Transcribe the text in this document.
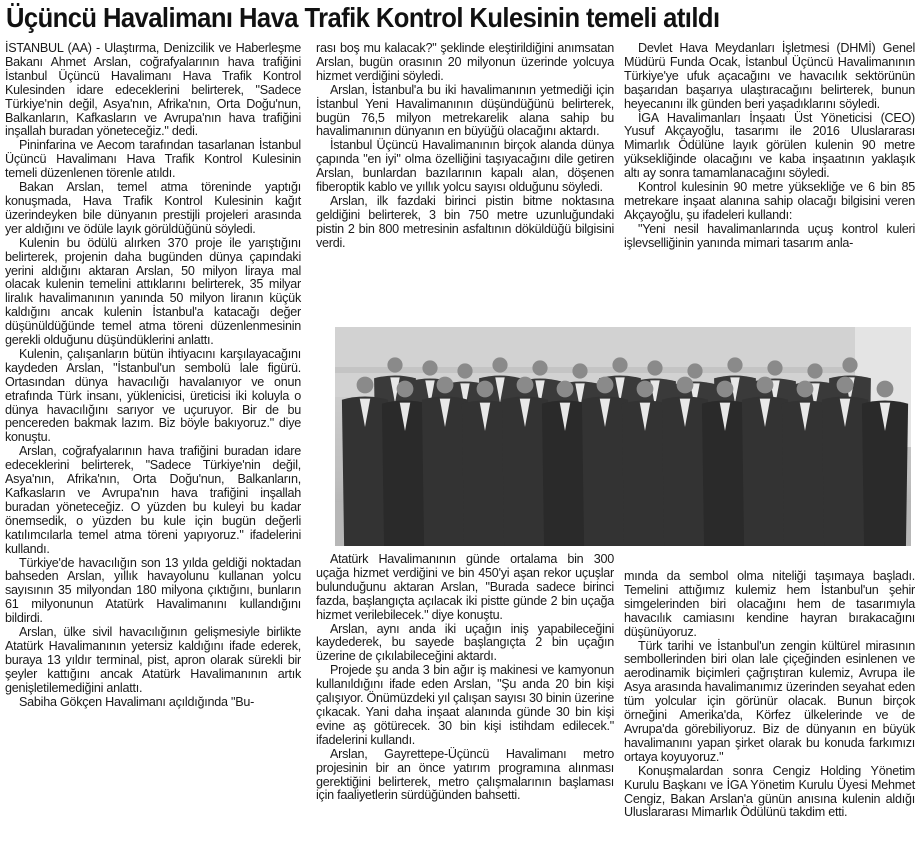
Üçüncü Havalimanı Hava Trafik Kontrol Kulesinin temeli atıldı

İSTANBUL (AA) - Ulaştırma, Denizcilik ve Haberleşme Bakanı Ahmet Arslan, coğrafyalarının hava trafiğini İstanbul Üçüncü Havalimanı Hava Trafik Kontrol Kulesinden idare edeceklerini belirterek, "Sadece Türkiye'nin değil, Asya'nın, Afrika'nın, Orta Doğu'nun, Balkanların, Kafkasların ve Avrupa'nın hava trafiğini inşallah buradan yöneteceğiz." dedi.

Pininfarina ve Aecom tarafından tasarlanan İstanbul Üçüncü Havalimanı Hava Trafik Kontrol Kulesinin temeli düzenlenen törenle atıldı.

Bakan Arslan, temel atma töreninde yaptığı konuşmada, Hava Trafik Kontrol Kulesinin kağıt üzerindeyken bile dünyanın prestijli projeleri arasında yer aldığını ve ödüle layık görüldüğünü söyledi.

Kulenin bu ödülü alırken 370 proje ile yarıştığını belirterek, projenin daha bugünden dünya çapındaki yerini aldığını aktaran Arslan, 50 milyon liraya mal olacak kulenin temelini attıklarını belirterek, 35 milyar liralık havalimanının yanında 50 milyon liranın küçük kaldığını ancak kulenin İstanbul'a katacağı değer düşünüldüğünde temel atma töreni düzenlenmesinin gerekli olduğunu düşündüklerini anlattı.

Kulenin, çalışanların bütün ihtiyacını karşılayacağını kaydeden Arslan, "İstanbul'un sembolü lale figürü. Ortasından dünya havacılığı havalanıyor ve onun etrafında Türk insanı, yüklenicisi, üreticisi iki koluyla o dünya havacılığını sarıyor ve uçuruyor. Bir de bu pencereden bakmak lazım. Biz böyle bakıyoruz." diye konuştu.

Arslan, coğrafyalarının hava trafiğini buradan idare edeceklerini belirterek, "Sadece Türkiye'nin değil, Asya'nın, Afrika'nın, Orta Doğu'nun, Balkanların, Kafkasların ve Avrupa'nın hava trafiğini inşallah buradan yöneteceğiz. O yüzden bu kuleyi bu kadar önemsedik, o yüzden bu kule için bugün değerli katılımcılarla temel atma töreni yapıyoruz." ifadelerini kullandı.

Türkiye'de havacılığın son 13 yılda geldiği noktadan bahseden Arslan, yıllık havayolunu kullanan yolcu sayısının 35 milyondan 180 milyona çıktığını, bunların 61 milyonunun Atatürk Havalimanını kullandığını bildirdi.

Arslan, ülke sivil havacılığının gelişmesiyle birlikte Atatürk Havalimanının yetersiz kaldığını ifade ederek, buraya 13 yıldır terminal, pist, apron olarak sürekli bir şeyler kattığını ancak Atatürk Havalimanının artık genişletilemediğini anlattı.

Sabiha Gökçen Havalimanı açıldığında "Bu-

rası boş mu kalacak?" şeklinde eleştirildiğini anımsatan Arslan, bugün orasının 20 milyonun üzerinde yolcuya hizmet verdiğini söyledi.

Arslan, İstanbul'a bu iki havalimanının yetmediği için İstanbul Yeni Havalimanının düşündüğünü belirterek, bugün 76,5 milyon metrekarelik alana sahip bu havalimanının dünyanın en büyüğü olacağını aktardı.

İstanbul Üçüncü Havalimanının birçok alanda dünya çapında "en iyi" olma özelliğini taşıyacağını dile getiren Arslan, bunlardan bazılarının kapalı alan, döşenen fiberoptik kablo ve yıllık yolcu sayısı olduğunu söyledi.

Arslan, ilk fazdaki birinci pistin bitme noktasına geldiğini belirterek, 3 bin 750 metre uzunluğundaki pistin 2 bin 800 metresinin asfaltının döküldüğü bilgisini verdi.

Devlet Hava Meydanları İşletmesi (DHMİ) Genel Müdürü Funda Ocak, İstanbul Üçüncü Havalimanının Türkiye'ye ufuk açacağını ve havacılık sektörünün başarıdan başarıya ulaştıracağını belirterek, bunun heyecanını ilk günden beri yaşadıklarını söyledi.

İGA Havalimanları İnşaatı Üst Yöneticisi (CEO) Yusuf Akçayoğlu, tasarımı ile 2016 Uluslararası Mimarlık Ödülüne layık görülen kulenin 90 metre yüksekliğinde olacağını ve kaba inşaatının yaklaşık altı ay sonra tamamlanacağını söyledi.

Kontrol kulesinin 90 metre yüksekliğe ve 6 bin 85 metrekare inşaat alanına sahip olacağı bilgisini veren Akçayoğlu, şu ifadeleri kullandı:

"Yeni nesil havalimanlarında uçuş kontrol kuleri işlevselliğinin yanında mimari tasarım anla-

Atatürk Havalimanının günde ortalama bin 300 uçağa hizmet verdiğini ve bin 450'yi aşan rekor uçuşlar bulunduğunu aktaran Arslan, "Burada sadece birinci fazda, başlangıçta açılacak iki pistte günde 2 bin uçağa hizmet verilebilecek." diye konuştu.

Arslan, aynı anda iki uçağın iniş yapabileceğini kaydederek, bu sayede başlangıçta 2 bin uçağın üzerine de çıkılabileceğini aktardı.

Projede şu anda 3 bin ağır iş makinesi ve kamyonun kullanıldığını ifade eden Arslan, "Şu anda 20 bin kişi çalışıyor. Önümüzdeki yıl çalışan sayısı 30 binin üzerine çıkacak. Yani daha inşaat alanında günde 30 bin kişi evine aş götürecek. 30 bin kişi istihdam edilecek." ifadelerini kullandı.

Arslan, Gayrettepe-Üçüncü Havalimanı metro projesinin bir an önce yatırım programına alınması gerektiğini belirterek, metro çalışmalarının başlaması için faaliyetlerin sürdüğünden bahsetti.

mında da sembol olma niteliği taşımaya başladı. Temelini attığımız kulemiz hem İstanbul'un şehir simgelerinden biri olacağını hem de tasarımıyla havacılık camiasını kendine hayran bırakacağını düşünüyoruz.

Türk tarihi ve İstanbul'un zengin kültürel mirasının sembollerinden biri olan lale çiçeğinden esinlenen ve aerodinamik biçimleri çağrıştıran kulemiz, Avrupa ile Asya arasında havalimanımız üzerinden seyahat eden tüm yolcular için görünür olacak. Bunun birçok örneğini Amerika'da, Körfez ülkelerinde ve de Avrupa'da görebiliyoruz. Biz de dünyanın en büyük havalimanını yapan şirket olarak bu konuda farkımızı ortaya koyuyoruz."

Konuşmalardan sonra Cengiz Holding Yönetim Kurulu Başkanı ve İGA Yönetim Kurulu Üyesi Mehmet Cengiz, Bakan Arslan'a günün anısına kulenin aldığı Uluslararası Mimarlık Ödülünü takdim etti.
